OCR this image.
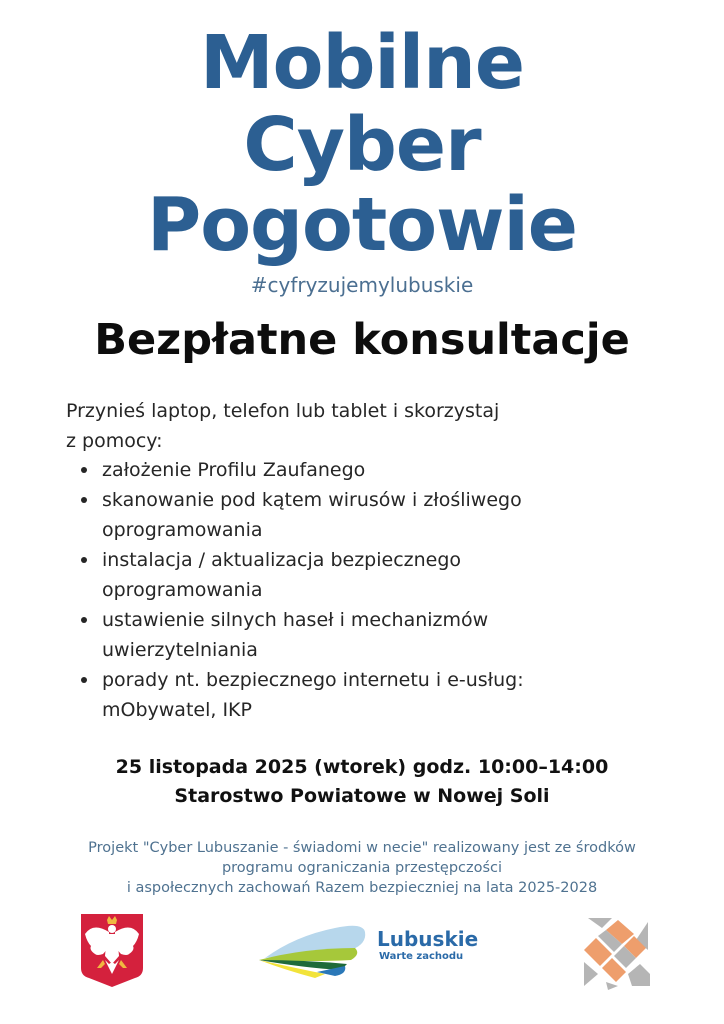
Mobilne
Cyber
Pogotowie
#cyfryzujemylubuskie
Bezpłatne konsultacje
Przynieś laptop, telefon lub tablet i skorzystaj
z pomocy:
założenie Profilu Zaufanego
skanowanie pod kątem wirusów i złośliwego
oprogramowania
instalacja / aktualizacja bezpiecznego
oprogramowania
ustawienie silnych haseł i mechanizmów
uwierzytelniania
porady nt. bezpiecznego internetu i e-usług:
mObywatel, IKP
25 listopada 2025 (wtorek) godz. 10:00–14:00
Starostwo Powiatowe w Nowej Soli
Projekt "Cyber Lubuszanie - świadomi w necie" realizowany jest ze środków
programu ograniczania przestępczości
i aspołecznych zachowań Razem bezpieczniej na lata 2025-2028
Lubuskie
Warte zachodu
